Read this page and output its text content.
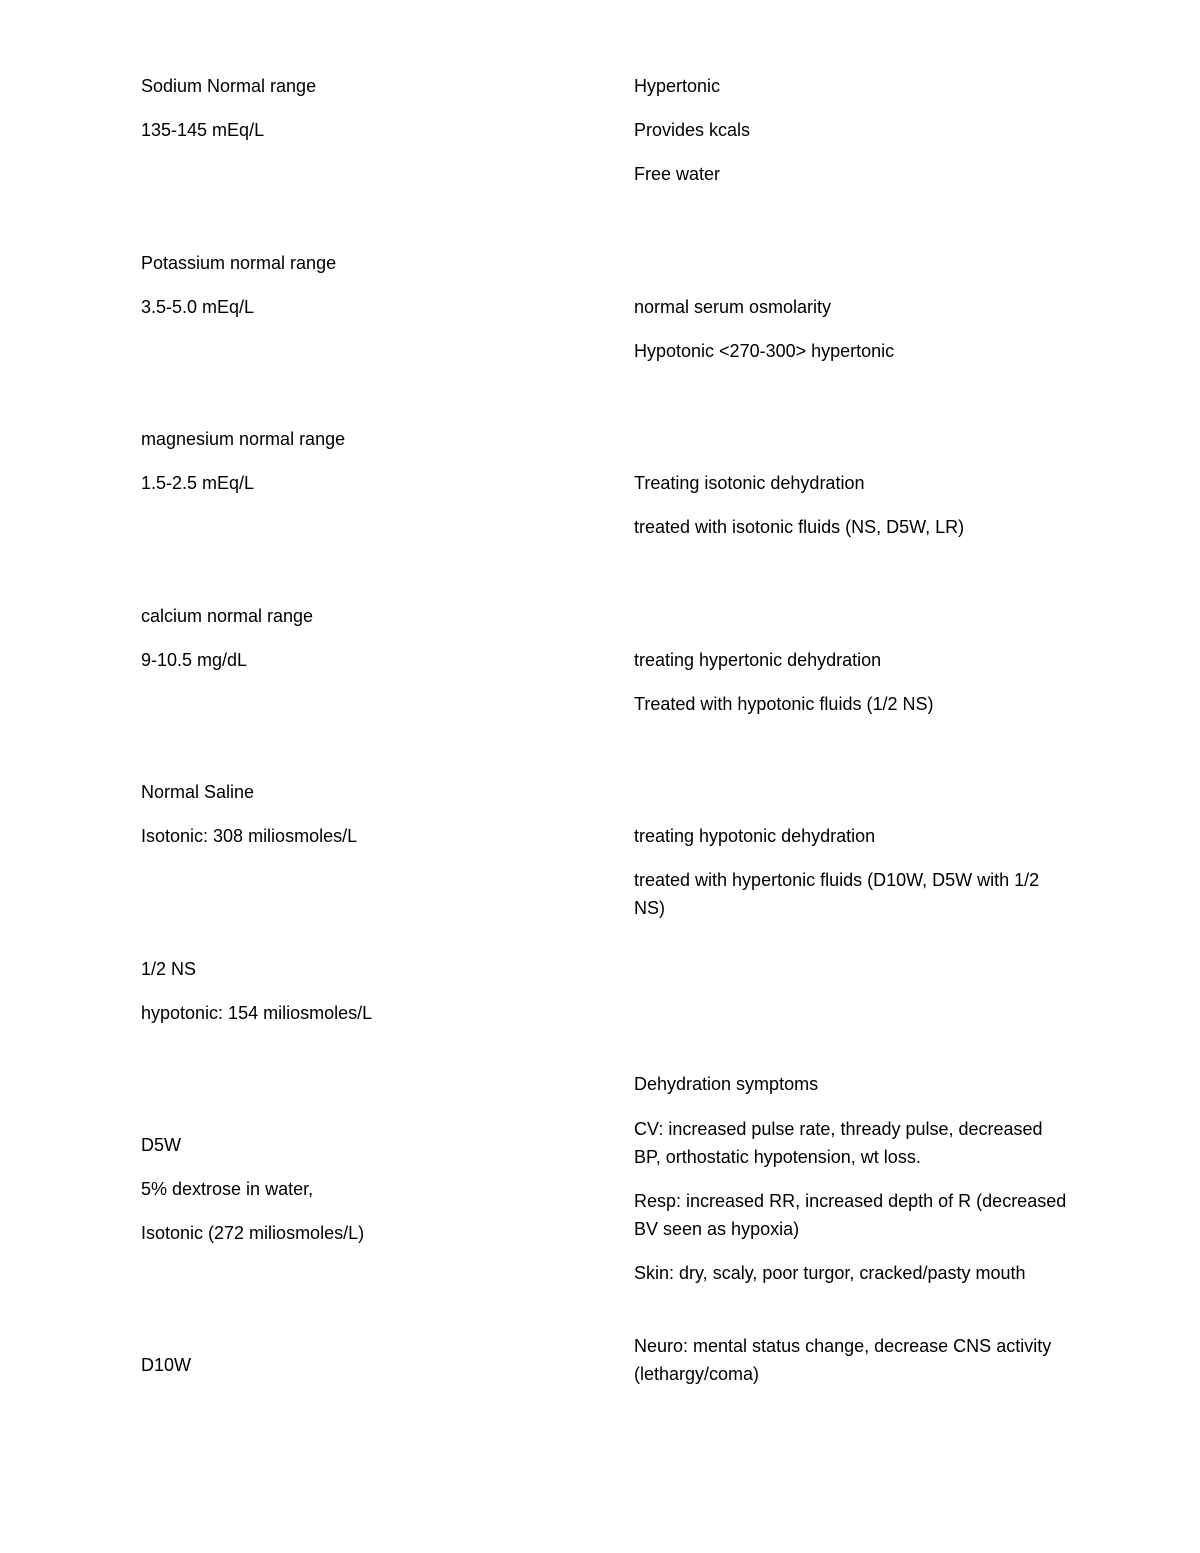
Sodium Normal range

135-145 mEq/L

Potassium normal range

3.5-5.0 mEq/L

magnesium normal range

1.5-2.5 mEq/L

calcium normal range

9-10.5 mg/dL

Normal Saline

Isotonic: 308 miliosmoles/L

1/2 NS

hypotonic: 154 miliosmoles/L

D5W

5% dextrose in water,

Isotonic (272 miliosmoles/L)

D10W

Hypertonic

Provides kcals

Free water

normal serum osmolarity

Hypotonic <270-300> hypertonic

Treating isotonic dehydration

treated with isotonic fluids (NS, D5W, LR)

treating hypertonic dehydration

Treated with hypotonic fluids (1/2 NS)

treating hypotonic dehydration

treated with hypertonic fluids (D10W, D5W with 1/2 NS)

Dehydration symptoms

CV: increased pulse rate, thready pulse, decreased BP, orthostatic hypotension, wt loss.

Resp: increased RR, increased depth of R (decreased BV seen as hypoxia)

Skin: dry, scaly, poor turgor, cracked/pasty mouth

Neuro: mental status change, decrease CNS activity (lethargy/coma)
